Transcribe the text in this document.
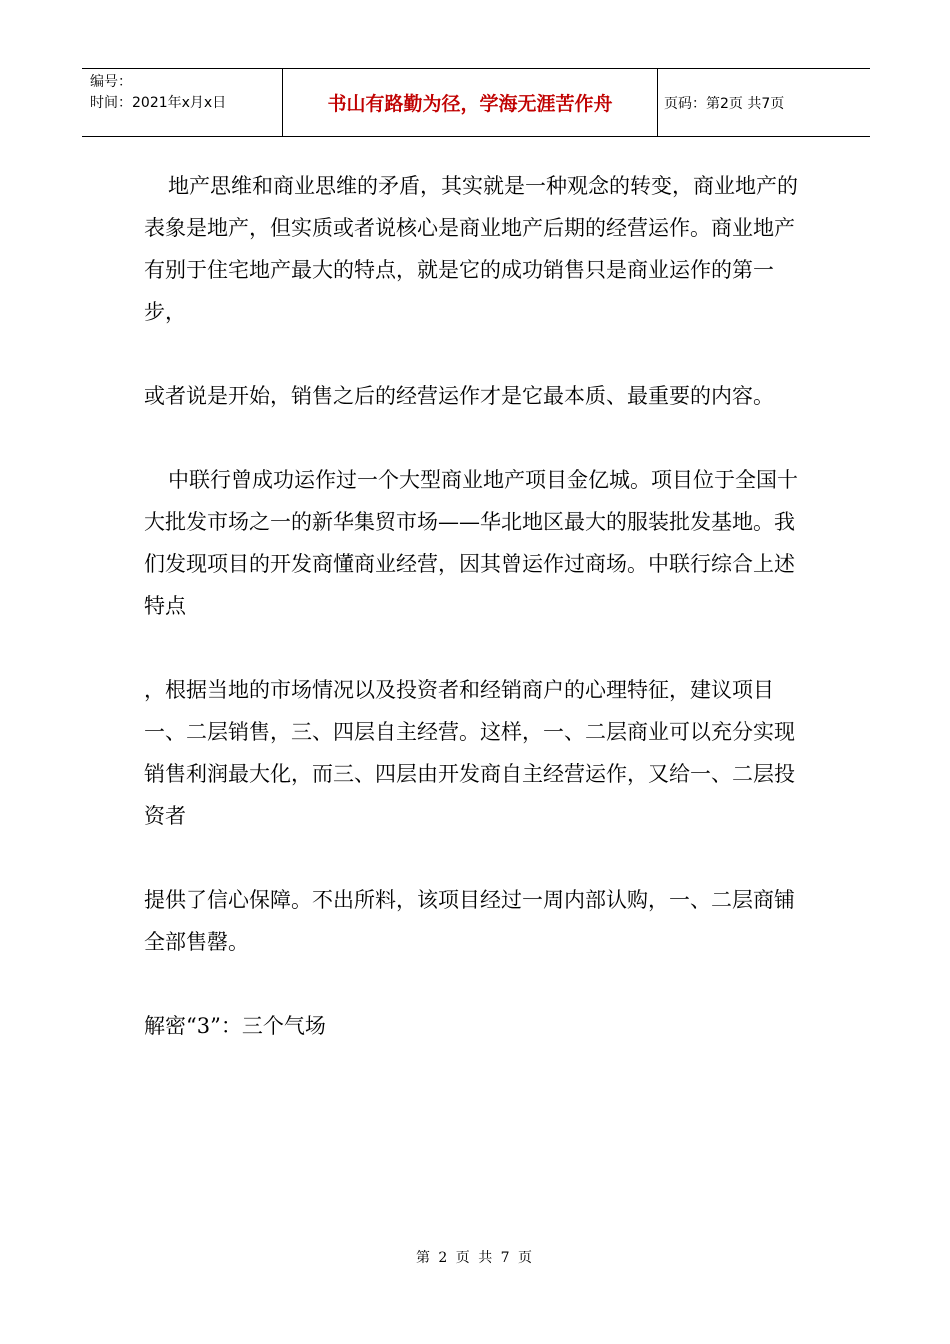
编号：
时间：2021年x月x日	书山有路勤为径，学海无涯苦作舟	页码：第2页 共7页

地产思维和商业思维的矛盾，其实就是一种观念的转变，商业地产的表象是地产，但实质或者说核心是商业地产后期的经营运作。商业地产有别于住宅地产最大的特点，就是它的成功销售只是商业运作的第一步，

或者说是开始，销售之后的经营运作才是它最本质、最重要的内容。

中联行曾成功运作过一个大型商业地产项目金亿城。项目位于全国十大批发市场之一的新华集贸市场——华北地区最大的服装批发基地。我们发现项目的开发商懂商业经营，因其曾运作过商场。中联行综合上述特点

，根据当地的市场情况以及投资者和经销商户的心理特征，建议项目一、二层销售，三、四层自主经营。这样，一、二层商业可以充分实现销售利润最大化，而三、四层由开发商自主经营运作，又给一、二层投资者

提供了信心保障。不出所料，该项目经过一周内部认购，一、二层商铺全部售罄。

解密“3”：三个气场

第 2 页 共 7 页
